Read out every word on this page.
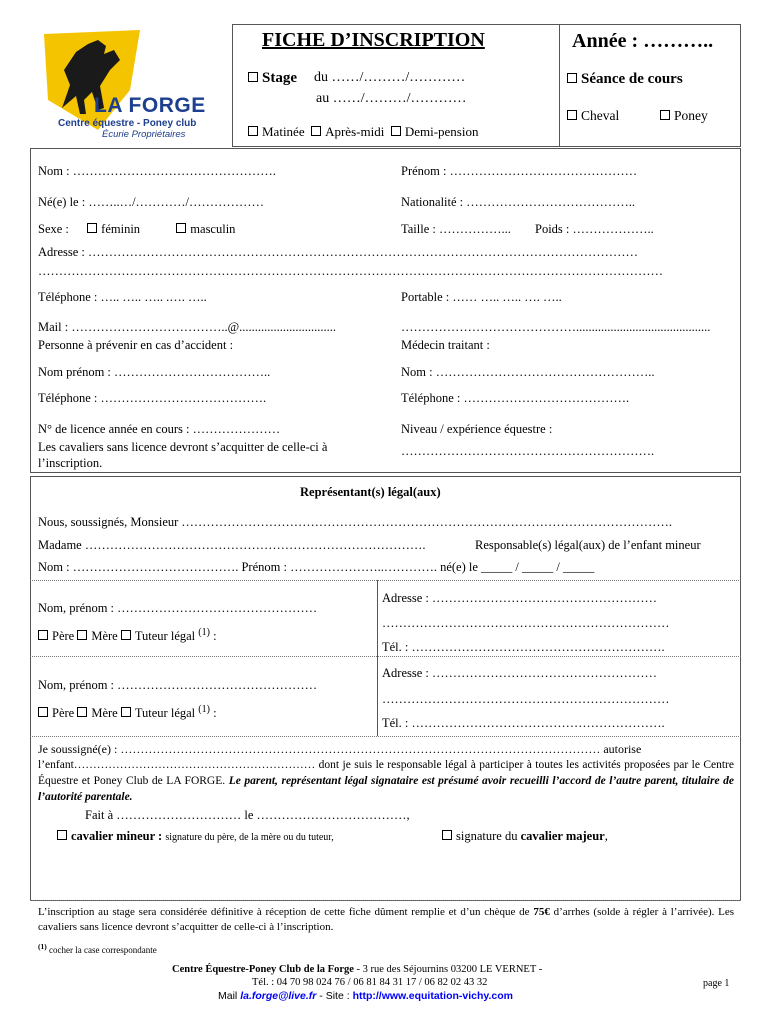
LA FORGE
Centre équestre - Poney club
Écurie Propriétaires
FICHE D’INSCRIPTION
Stage du ……/………/…………
au ……/………/…………
Matinée Après-midi Demi-pension
Année : ………..
Séance de cours
Cheval	Poney
Nom : ………………………………………….	Prénom : ………………………………………
Né(e) le : ……..…/…………/………………	Nationalité : …………………………………..
Sexe :	féminin	masculin	Taille : ……………... Poids : ………………..
Adresse : ……………………………………………………………………………………………………………………
……………………………………………………………………………………………………………………………………
Téléphone : ….. ….. ….. .…. …..	Portable : …… ….. ….. …. …..
Mail : ………………………………..@...............................	……………………………………...........................................
Personne à prévenir en cas d’accident :	Médecin traitant :
Nom prénom : ………………………………..	Nom : ……………………………………………..
Téléphone : ………………………………….	Téléphone : ………………………………….
N° de licence année en cours : …………………	Niveau / expérience équestre :
Les cavaliers sans licence devront s’acquitter de celle-ci à
l’inscription.
…………………………………………………….
Représentant(s) légal(aux)
Nous, soussignés, Monsieur ……………………………………………………………………………………………………….
Madame ……………………………………………………………………….	Responsable(s) légal(aux) de l’enfant mineur
Nom : …………………………………. Prénom : …………………..…………. né(e) le _____ / _____ / _____
Nom, prénom : …………………………………………
Père Mère Tuteur légal $^{(1)}$ :
Adresse : ………………………………………………
……………………………………………………………
Tél. : …………………………………………………….
Nom, prénom : …………………………………………
Père Mère Tuteur légal $^{(1)}$ :
Adresse : ………………………………………………
……………………………………………………………
Tél. : …………………………………………………….
Je soussigné(e) : ………………………………………………………………………………………………………… autorise
l’enfant……………………………………………………… dont je suis le responsable légal à participer à toutes les activités proposées par le Centre Équestre et Poney Club de LA FORGE. Le parent, représentant légal signataire est présumé avoir recueilli l’accord de l’autre parent, titulaire de l’autorité parentale.
Fait à ………………………… le ………………………………,
cavalier mineur : signature du père, de la mère ou du tuteur,	signature du cavalier majeur,
L’inscription au stage sera considérée définitive à réception de cette fiche dûment remplie et d’un chèque de 75€ d’arrhes (solde à régler à l’arrivée). Les cavaliers sans licence devront s’acquitter de celle-ci à l’inscription.
$^{(1)}$ cocher la case correspondante
Centre Équestre-Poney Club de la Forge - 3 rue des Séjournins 03200 LE VERNET -
Tél. : 04 70 98 024 76 / 06 81 84 31 17 / 06 82 02 43 32	page 1
Mail la.forge@live.fr - Site : http://www.equitation-vichy.com
